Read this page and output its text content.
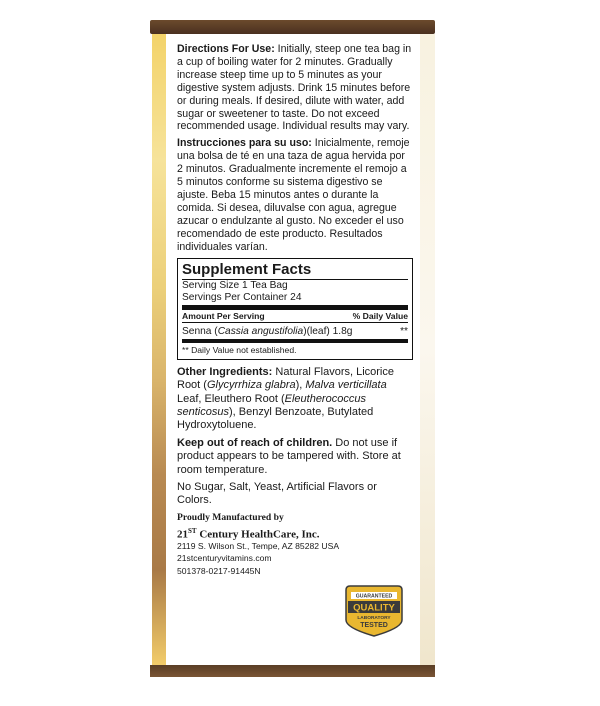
Directions For Use: Initially, steep one tea bag in a cup of boiling water for 2 minutes. Gradually increase steep time up to 5 minutes as your digestive system adjusts. Drink 15 minutes before or during meals. If desired, dilute with water, add sugar or sweetener to taste. Do not exceed recommended usage. Individual results may vary.

Instrucciones para su uso: Inicialmente, remoje una bolsa de té en una taza de agua hervida por 2 minutos. Gradualmente incremente el remojo a 5 minutos conforme su sistema digestivo se ajuste. Beba 15 minutos antes o durante la comida. Si desea, diluvalse con agua, agregue azucar o endulzante al gusto. No exceder el uso recomendado de este producto. Resultados individuales varían.

Supplement Facts
Serving Size 1 Tea Bag
Servings Per Container 24
Amount Per Serving	% Daily Value
Senna (Cassia angustifolia)(leaf) 1.8g	**
** Daily Value not established.

Other Ingredients: Natural Flavors, Licorice Root (Glycyrrhiza glabra), Malva verticillata Leaf, Eleuthero Root (Eleutherococcus senticosus), Benzyl Benzoate, Butylated Hydroxytoluene.

Keep out of reach of children. Do not use if product appears to be tampered with. Store at room temperature.

No Sugar, Salt, Yeast, Artificial Flavors or Colors.

Proudly Manufactured by
21ST Century HealthCare, Inc.
2119 S. Wilson St., Tempe, AZ 85282 USA
21stcenturyvitamins.com
501378-0217-91445N
GUARANTEED
QUALITY
LABORATORY
TESTED
